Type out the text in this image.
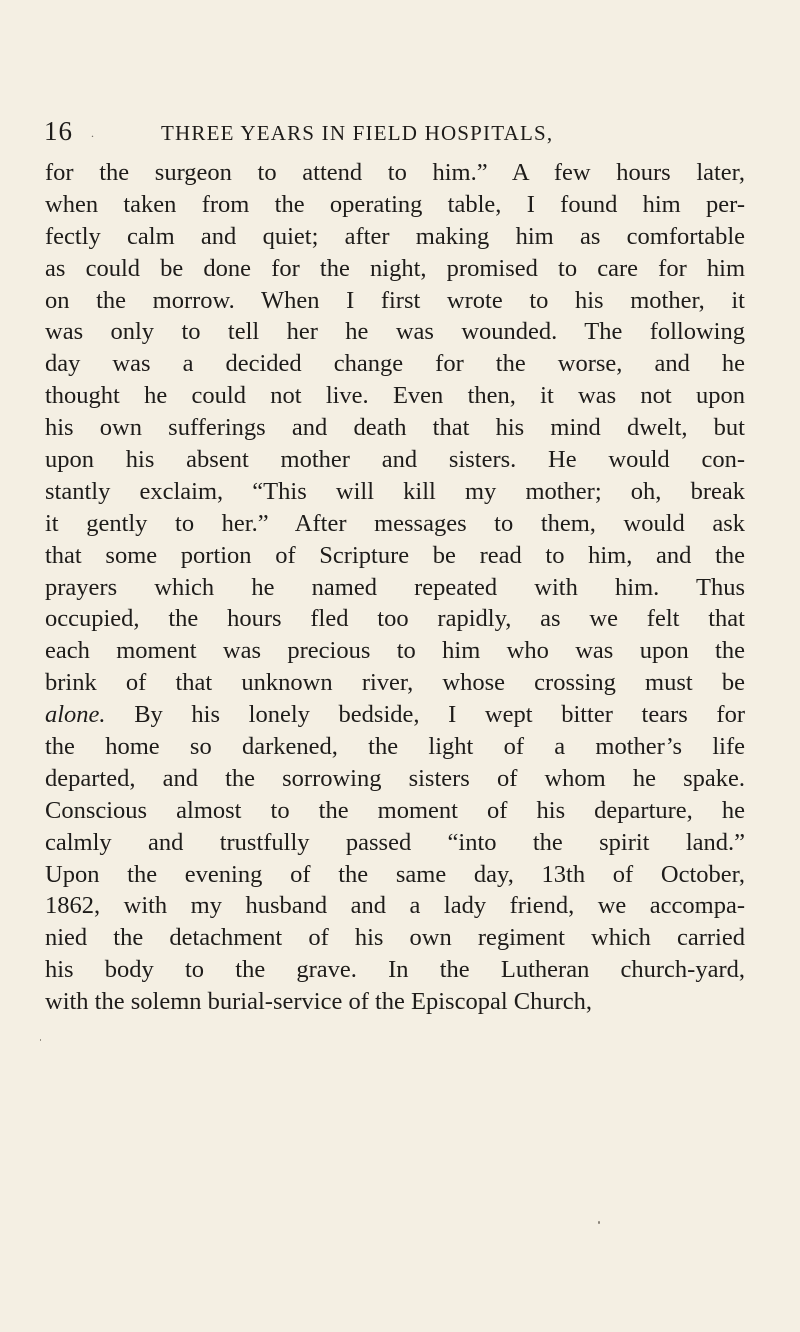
16 .	THREE YEARS IN FIELD HOSPITALS,
for the surgeon to attend to him.” A few hours later,
when taken from the operating table, I found him per-
fectly calm and quiet; after making him as comfortable
as could be done for the night, promised to care for him
on the morrow. When I first wrote to his mother, it
was only to tell her he was wounded. The following
day was a decided change for the worse, and he
thought he could not live. Even then, it was not upon
his own sufferings and death that his mind dwelt, but
upon his absent mother and sisters. He would con-
stantly exclaim, “This will kill my mother; oh, break
it gently to her.” After messages to them, would ask
that some portion of Scripture be read to him, and the
prayers which he named repeated with him. Thus
occupied, the hours fled too rapidly, as we felt that
each moment was precious to him who was upon the
brink of that unknown river, whose crossing must be
alone. By his lonely bedside, I wept bitter tears for
the home so darkened, the light of a mother’s life
departed, and the sorrowing sisters of whom he spake.
Conscious almost to the moment of his departure, he
calmly and trustfully passed “into the spirit land.”
Upon the evening of the same day, 13th of October,
1862, with my husband and a lady friend, we accompa-
nied the detachment of his own regiment which carried
his body to the grave. In the Lutheran church-yard,
with the solemn burial-service of the Episcopal Church,
